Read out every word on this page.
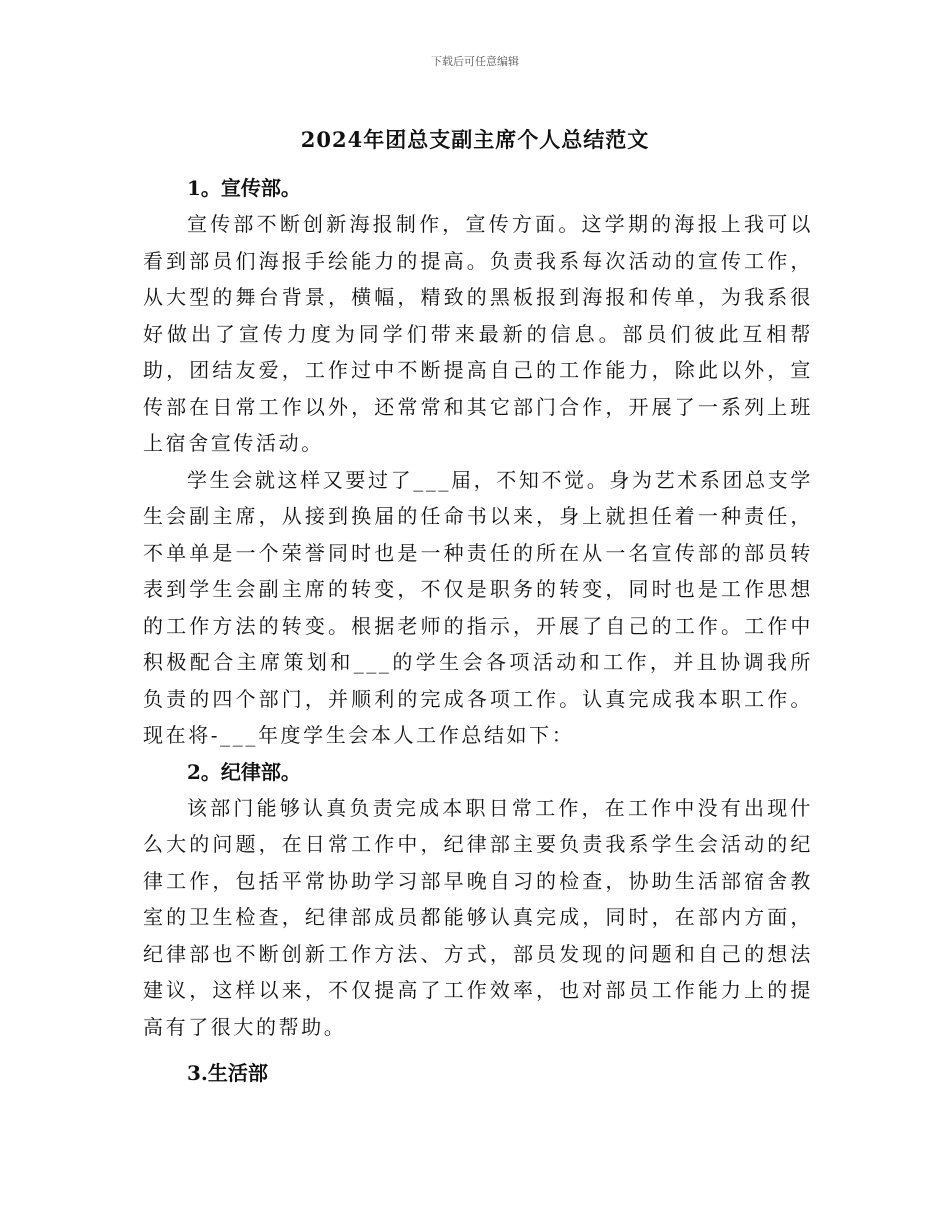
下载后可任意编辑
2024年团总支副主席个人总结范文

1。宣传部。

宣传部不断创新海报制作，宣传方面。这学期的海报上我可以看到部员们海报手绘能力的提高。负责我系每次活动的宣传工作，从大型的舞台背景，横幅，精致的黑板报到海报和传单，为我系很好做出了宣传力度为同学们带来最新的信息。部员们彼此互相帮助，团结友爱，工作过中不断提高自己的工作能力，除此以外，宣传部在日常工作以外，还常常和其它部门合作，开展了一系列上班上宿舍宣传活动。

学生会就这样又要过了___届，不知不觉。身为艺术系团总支学生会副主席，从接到换届的任命书以来，身上就担任着一种责任，不单单是一个荣誉同时也是一种责任的所在从一名宣传部的部员转表到学生会副主席的转变，不仅是职务的转变，同时也是工作思想的工作方法的转变。根据老师的指示，开展了自己的工作。工作中积极配合主席策划和___的学生会各项活动和工作，并且协调我所负责的四个部门，并顺利的完成各项工作。认真完成我本职工作。现在将-___年度学生会本人工作总结如下：

2。纪律部。

该部门能够认真负责完成本职日常工作，在工作中没有出现什么大的问题，在日常工作中，纪律部主要负责我系学生会活动的纪律工作，包括平常协助学习部早晚自习的检查，协助生活部宿舍教室的卫生检查，纪律部成员都能够认真完成，同时，在部内方面，纪律部也不断创新工作方法、方式，部员发现的问题和自己的想法建议，这样以来，不仅提高了工作效率，也对部员工作能力上的提高有了很大的帮助。

3.生活部
